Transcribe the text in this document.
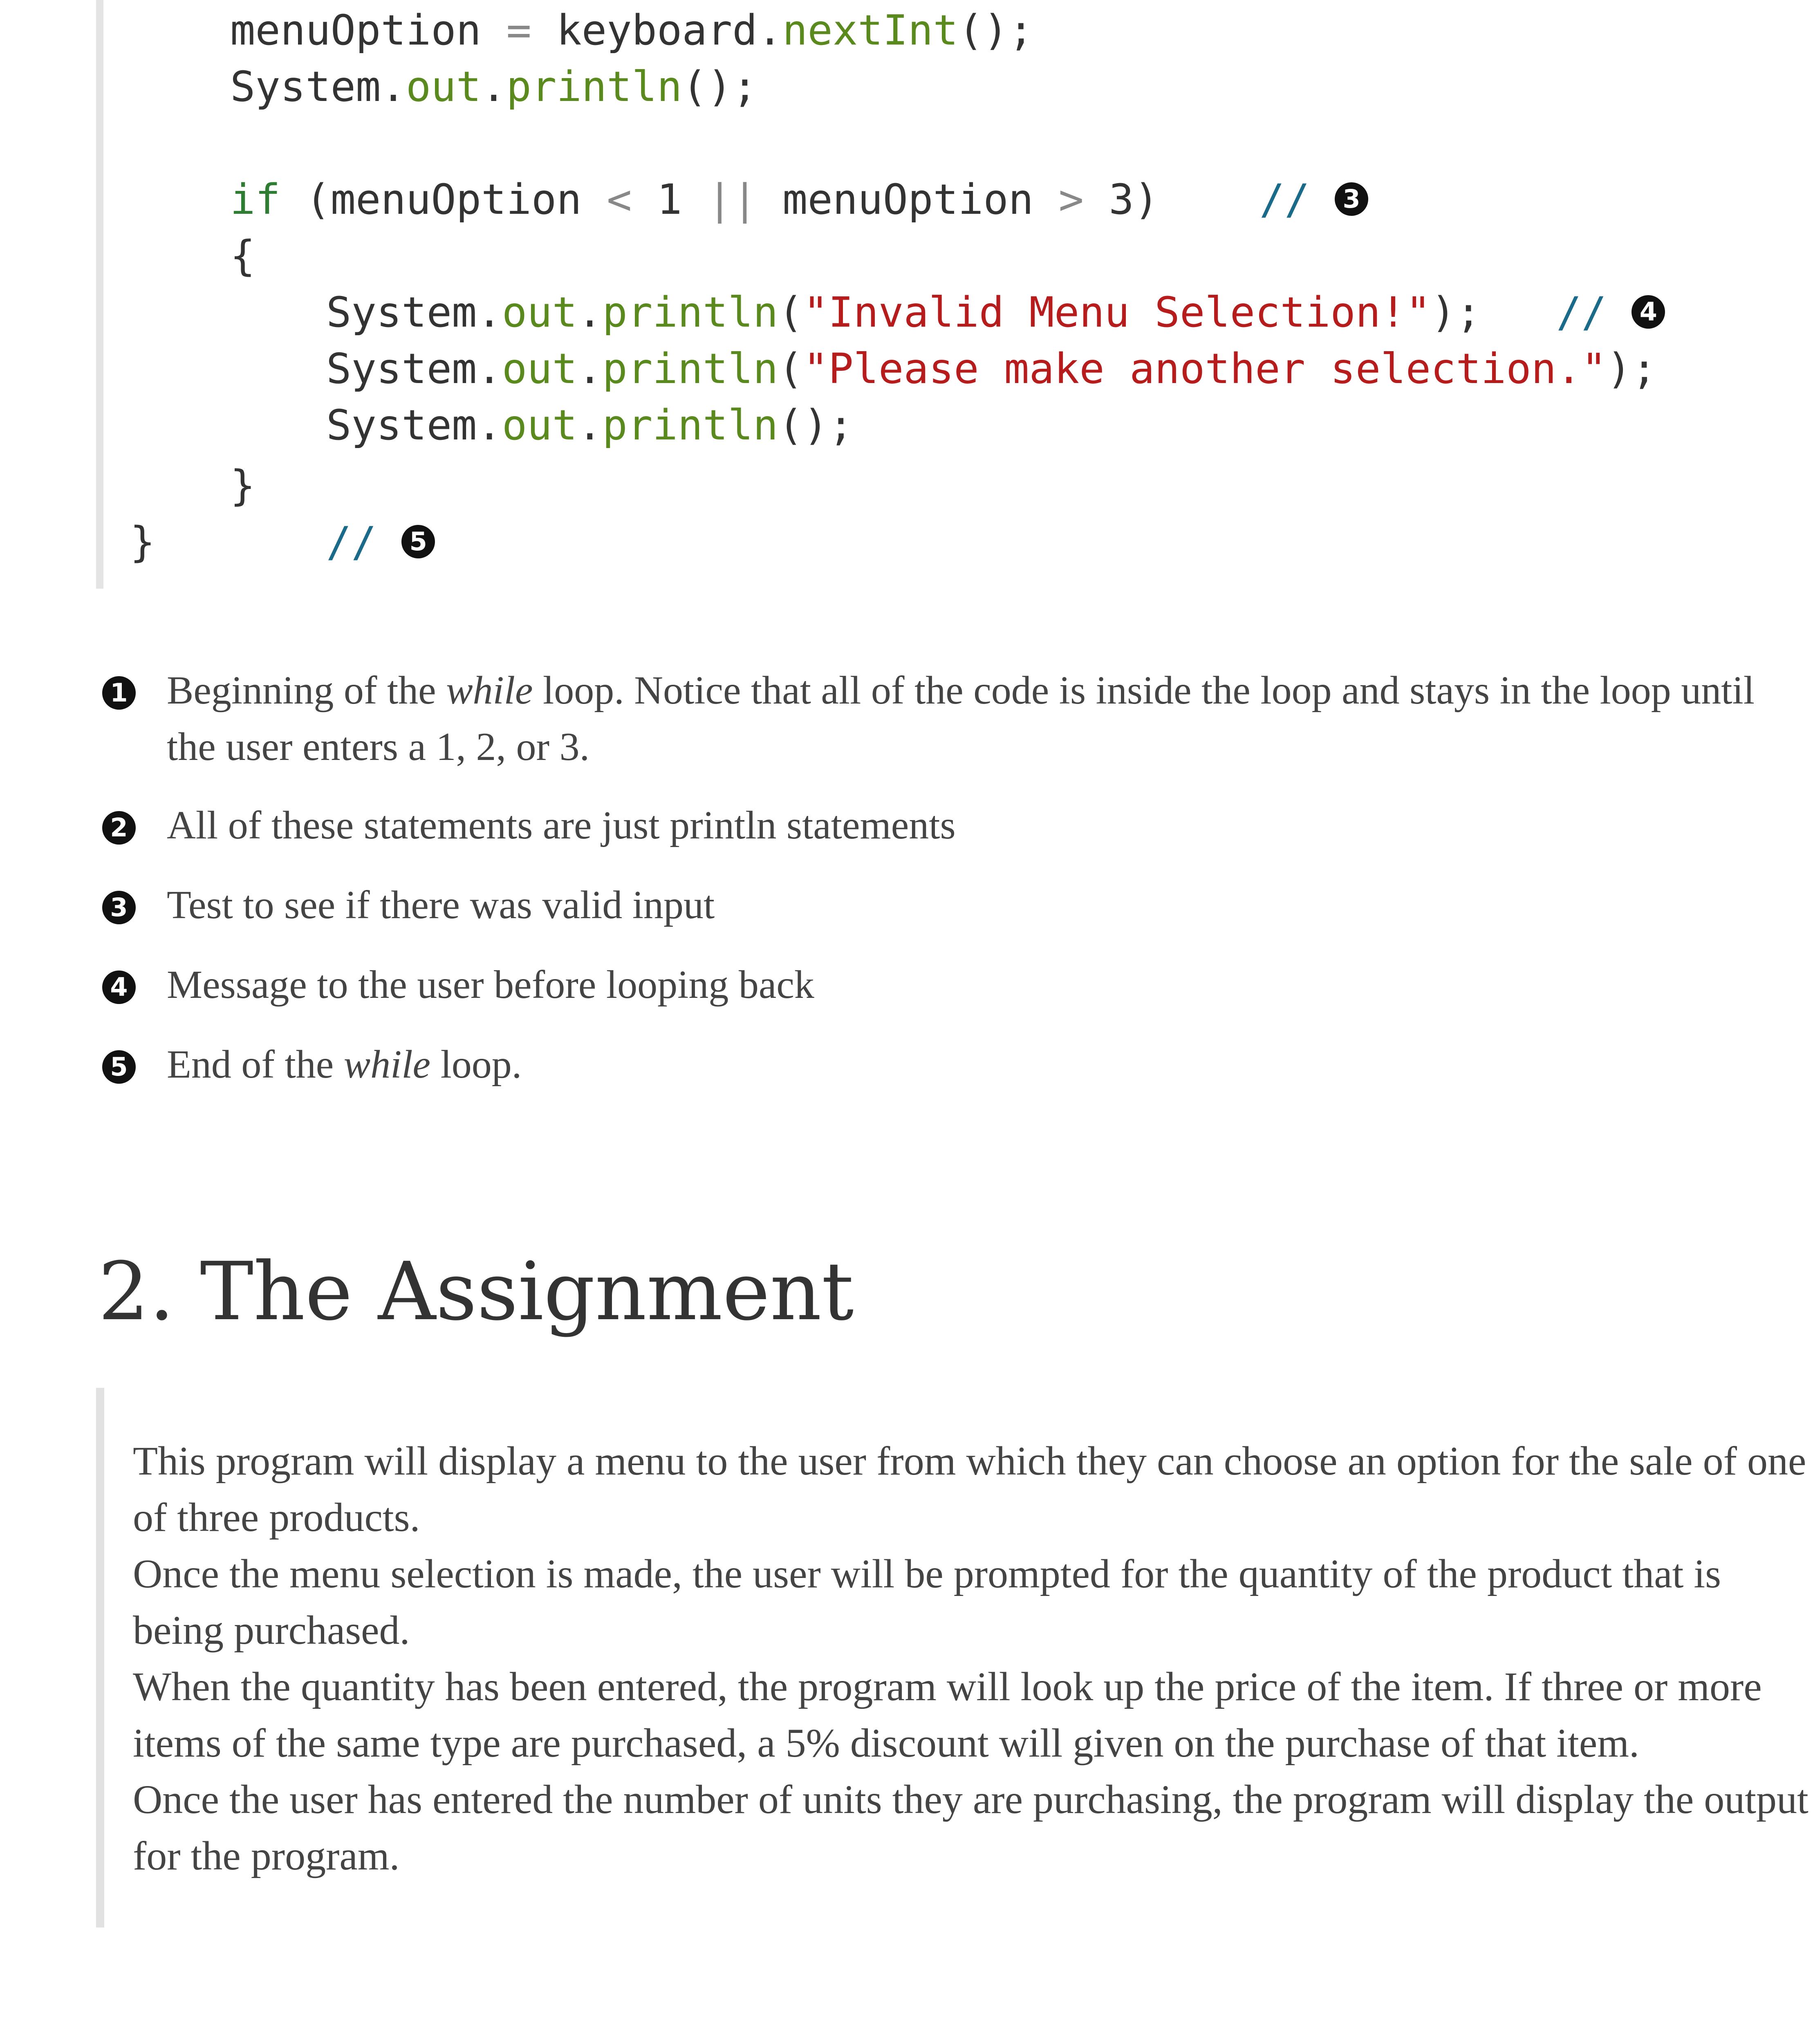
menuOption = keyboard.nextInt();
System.out.println();
if (menuOption < 1 || menuOption > 3)    // 3
{
System.out.println("Invalid Menu Selection!");   // 4
System.out.println("Please make another selection.");
System.out.println();
}
}	// 5
1 Beginning of the while loop. Notice that all of the code is inside the loop and stays in the loop until the user enters a 1, 2, or 3.
2 All of these statements are just println statements
3 Test to see if there was valid input
4 Message to the user before looping back
5 End of the while loop.
2. The Assignment

This program will display a menu to the user from which they can choose an option for the sale of one of three products.

Once the menu selection is made, the user will be prompted for the quantity of the product that is being purchased.

When the quantity has been entered, the program will look up the price of the item. If three or more items of the same type are purchased, a 5% discount will given on the purchase of that item.

Once the user has entered the number of units they are purchasing, the program will display the output for the program.
